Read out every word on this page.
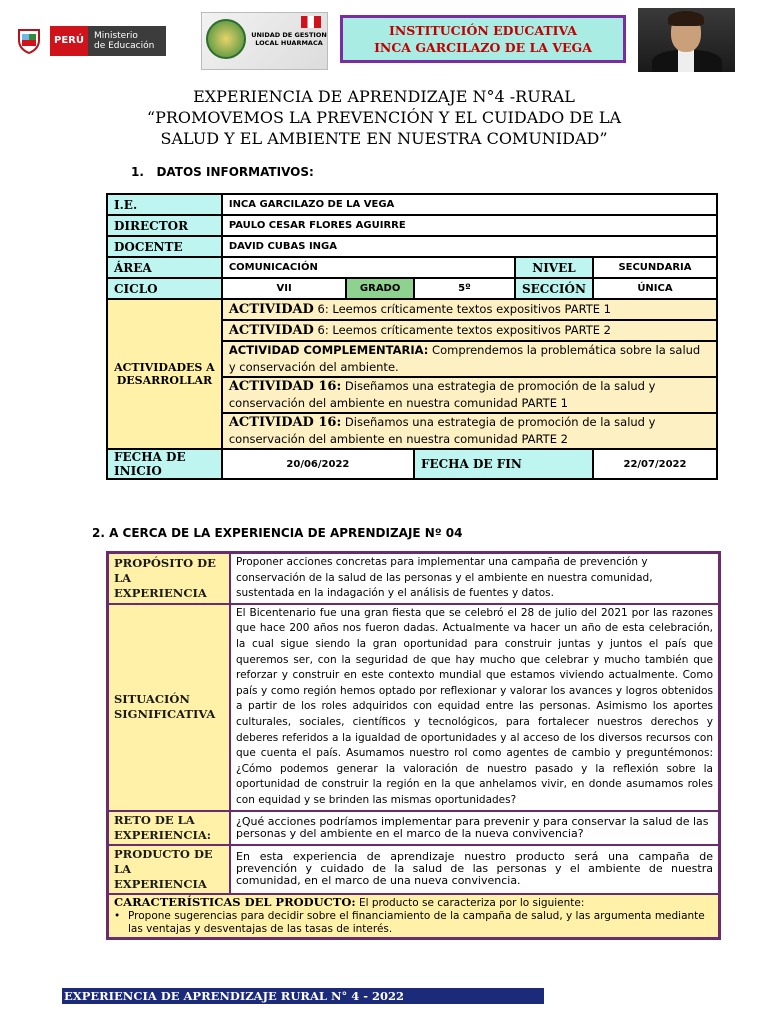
PERÚ	Ministerio
de Educación
UNIDAD DE GESTION LOCAL HUARMACA
INSTITUCIÓN EDUCATIVA
INCA GARCILAZO DE LA VEGA
EXPERIENCIA DE APRENDIZAJE N°4 -RURAL
“PROMOVEMOS LA PREVENCIÓN Y EL CUIDADO DE LA
SALUD Y EL AMBIENTE EN NUESTRA COMUNIDAD”
1. DATOS INFORMATIVOS:
I.E.	INCA GARCILAZO DE LA VEGA				
DIRECTOR	PAULO CESAR FLORES AGUIRRE				
DOCENTE	DAVID CUBAS INGA				
ÁREA	COMUNICACIÓN			NIVEL	SECUNDARIA
CICLO	VII	GRADO	5º	SECCIÓN	ÚNICA
ACTIVIDADES A DESARROLLAR	ACTIVIDAD 6: Leemos críticamente textos expositivos PARTE 1				
	ACTIVIDAD 6: Leemos críticamente textos expositivos PARTE 2				
	ACTIVIDAD COMPLEMENTARIA: Comprendemos la problemática sobre la salud y conservación del ambiente.				
	ACTIVIDAD 16: Diseñamos una estrategia de promoción de la salud y conservación del ambiente en nuestra comunidad PARTE 1				
	ACTIVIDAD 16: Diseñamos una estrategia de promoción de la salud y conservación del ambiente en nuestra comunidad PARTE 2				
FECHA DE INICIO	20/06/2022		FECHA DE FIN		22/07/2022
2. A CERCA DE LA EXPERIENCIA DE APRENDIZAJE Nº 04
PROPÓSITO DE LA EXPERIENCIA	Proponer acciones concretas para implementar una campaña de prevención y conservación de la salud de las personas y el ambiente en nuestra comunidad, sustentada en la indagación y el análisis de fuentes y datos.
SITUACIÓN SIGNIFICATIVA	El Bicentenario fue una gran fiesta que se celebró el 28 de julio del 2021 por las razones que hace 200 años nos fueron dadas. Actualmente va hacer un año de esta celebración, la cual sigue siendo la gran oportunidad para construir juntas y juntos el país que queremos ser, con la seguridad de que hay mucho que celebrar y mucho también que reforzar y construir en este contexto mundial que estamos viviendo actualmente. Como país y como región hemos optado por reflexionar y valorar los avances y logros obtenidos a partir de los roles adquiridos con equidad entre las personas. Asimismo los aportes culturales, sociales, científicos y tecnológicos, para fortalecer nuestros derechos y deberes referidos a la igualdad de oportunidades y al acceso de los diversos recursos con que cuenta el país. Asumamos nuestro rol como agentes de cambio y preguntémonos: ¿Cómo podemos generar la valoración de nuestro pasado y la reflexión sobre la oportunidad de construir la región en la que anhelamos vivir, en donde asumamos roles con equidad y se brinden las mismas oportunidades?
RETO DE LA EXPERIENCIA:	¿Qué acciones podríamos implementar para prevenir y para conservar la salud de las personas y del ambiente en el marco de la nueva convivencia?
PRODUCTO DE LA EXPERIENCIA	En esta experiencia de aprendizaje nuestro producto será una campaña de prevención y cuidado de la salud de las personas y el ambiente de nuestra comunidad, en el marco de una nueva convivencia.

CARACTERÍSTICAS DEL PRODUCTO: El producto se caracteriza por lo siguiente:
• Propone sugerencias para decidir sobre el financiamiento de la campaña de salud, y las argumenta mediante las ventajas y desventajas de las tasas de interés.	
EXPERIENCIA DE APRENDIZAJE RURAL N° 4 - 2022
